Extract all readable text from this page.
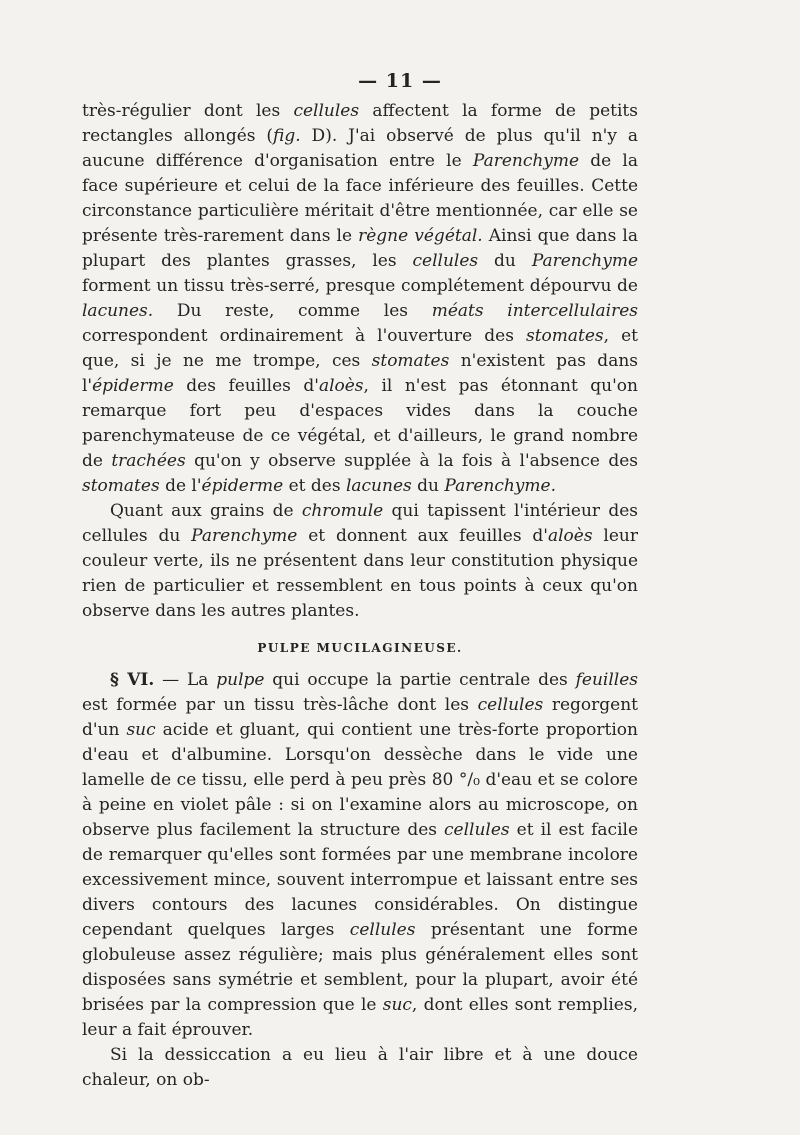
— 11 —

très-régulier dont les cellules affectent la forme de petits rectangles allongés (fig. D). J'ai observé de plus qu'il n'y a aucune différence d'organisation entre le Parenchyme de la face supérieure et celui de la face inférieure des feuilles. Cette circonstance particulière méritait d'être mentionnée, car elle se présente très-rarement dans le règne végétal. Ainsi que dans la plupart des plantes grasses, les cellules du Parenchyme forment un tissu très-serré, presque complétement dépourvu de lacunes. Du reste, comme les méats intercellulaires correspondent ordinairement à l'ouverture des stomates, et que, si je ne me trompe, ces stomates n'existent pas dans l'épiderme des feuilles d'aloès, il n'est pas étonnant qu'on remarque fort peu d'espaces vides dans la couche parenchymateuse de ce végétal, et d'ailleurs, le grand nombre de trachées qu'on y observe supplée à la fois à l'absence des stomates de l'épiderme et des lacunes du Parenchyme.

Quant aux grains de chromule qui tapissent l'intérieur des cellules du Parenchyme et donnent aux feuilles d'aloès leur couleur verte, ils ne présentent dans leur constitution physique rien de particulier et ressemblent en tous points à ceux qu'on observe dans les autres plantes.

PULPE MUCILAGINEUSE.

§ VI. — La pulpe qui occupe la partie centrale des feuilles est formée par un tissu très-lâche dont les cellules regorgent d'un suc acide et gluant, qui contient une très-forte proportion d'eau et d'albumine. Lorsqu'on dessèche dans le vide une lamelle de ce tissu, elle perd à peu près 80 °/₀ d'eau et se colore à peine en violet pâle : si on l'examine alors au microscope, on observe plus facilement la structure des cellules et il est facile de remarquer qu'elles sont formées par une membrane incolore excessivement mince, souvent interrompue et laissant entre ses divers contours des lacunes considérables. On distingue cependant quelques larges cellules présentant une forme globuleuse assez régulière; mais plus généralement elles sont disposées sans symétrie et semblent, pour la plupart, avoir été brisées par la compression que le suc, dont elles sont remplies, leur a fait éprouver.

Si la dessiccation a eu lieu à l'air libre et à une douce chaleur, on ob-
